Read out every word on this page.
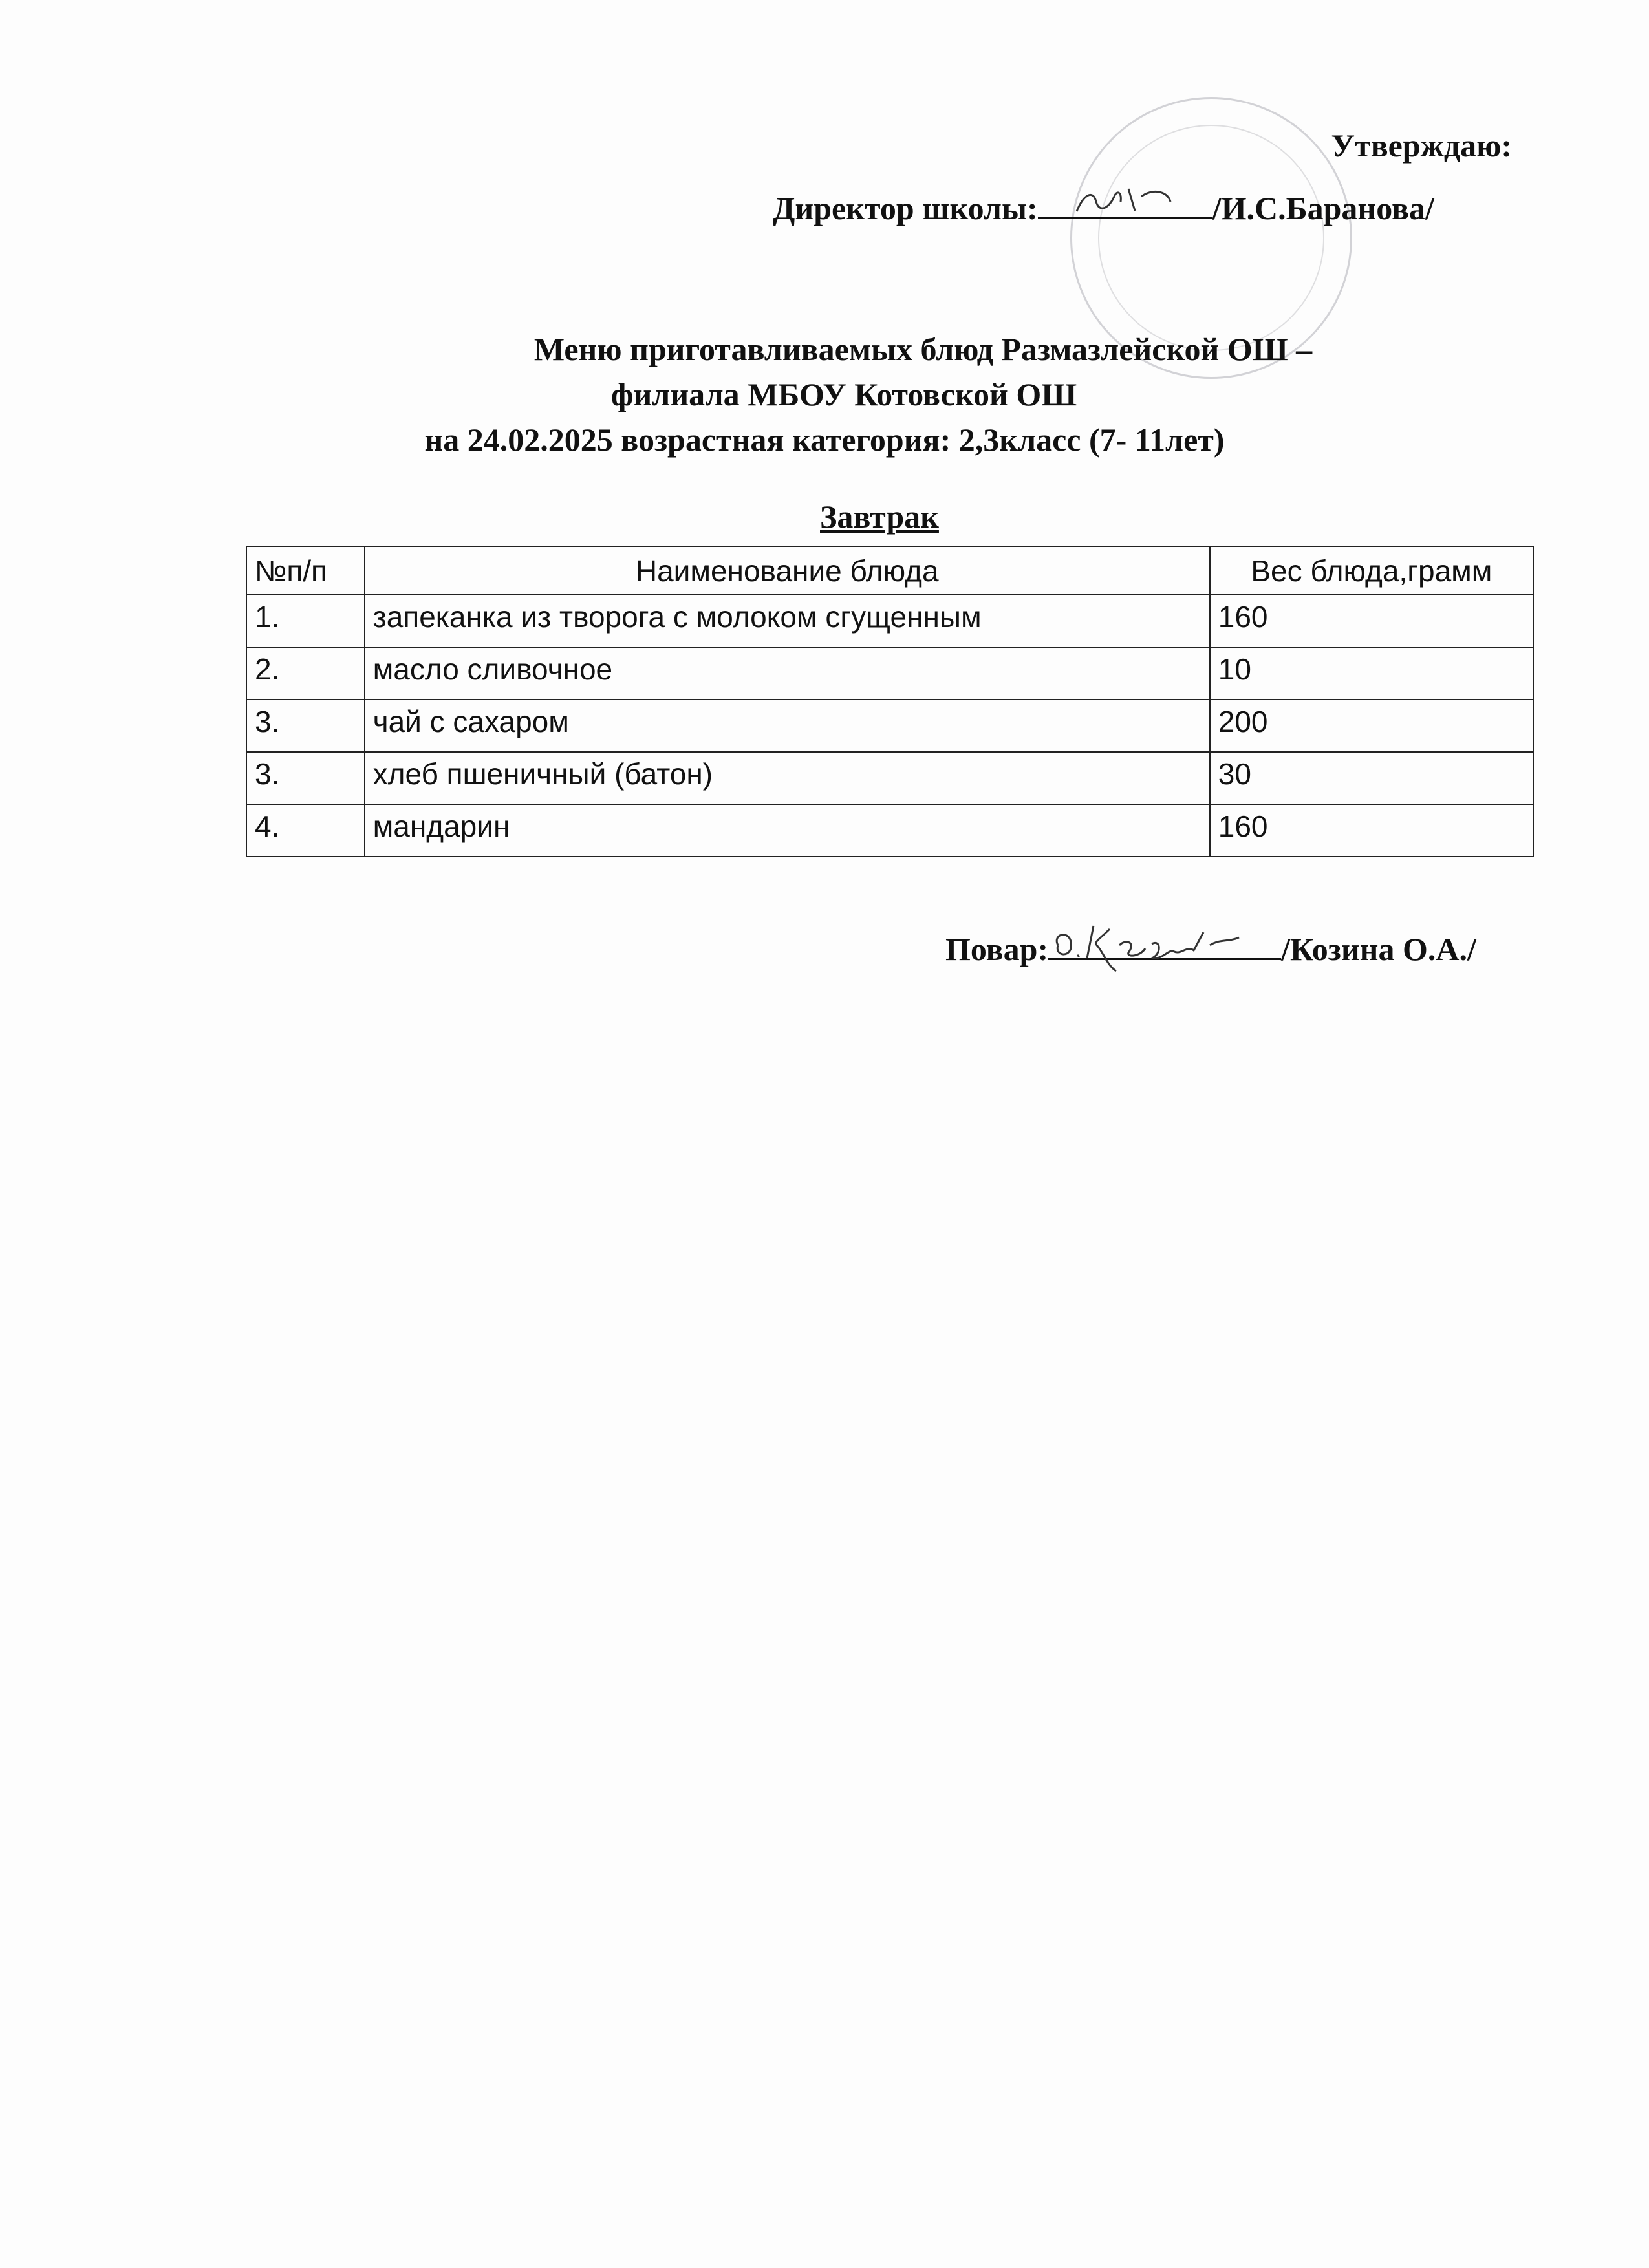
Утверждаю:
Директор школы:	/И.С.Баранова/
Меню приготавливаемых блюд Размазлейской ОШ –
филиала МБОУ Котовской ОШ
на 24.02.2025 возрастная категория: 2,3класс (7- 11лет)
Завтрак
№п/п	Наименование блюда	Вес блюда,грамм
1.	запеканка из творога с молоком сгущенным	160
2.	масло сливочное	10
3.	чай с сахаром	200
3.	хлеб пшеничный (батон)	30
4.	мандарин	160
Повар:	/Козина О.А./
